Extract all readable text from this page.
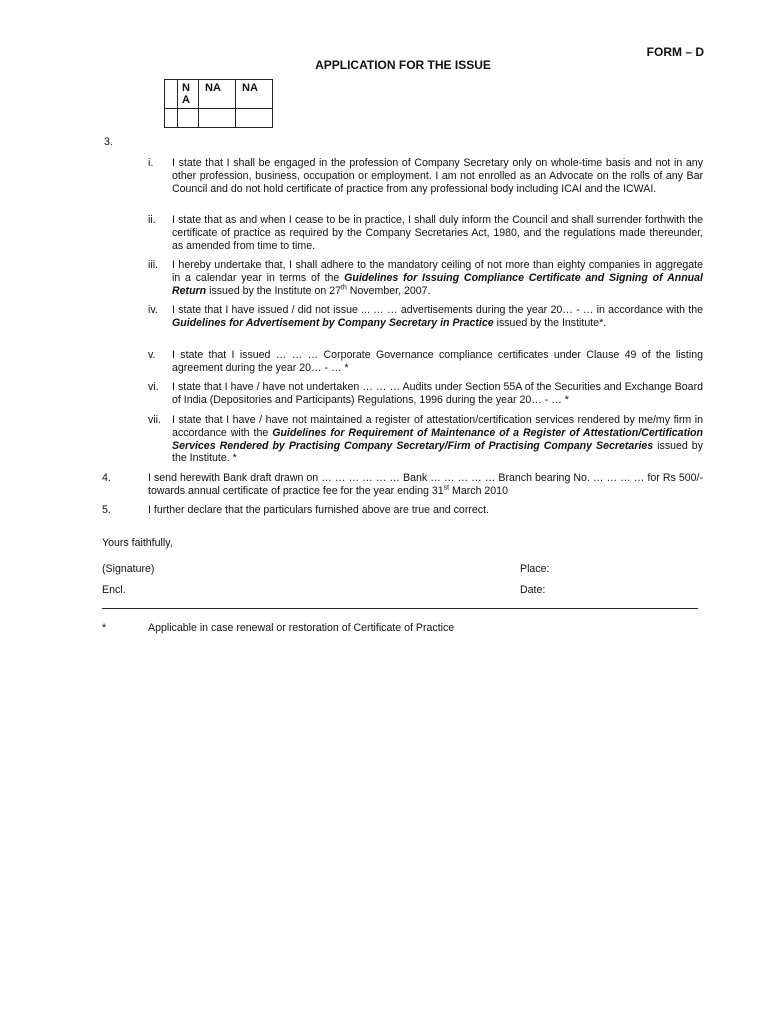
FORM – D
APPLICATION FOR THE ISSUE
	N A	NA	NA

3.
i. I state that I shall be engaged in the profession of Company Secretary only on whole-time basis and not in any other profession, business, occupation or employment. I am not enrolled as an Advocate on the rolls of any Bar Council and do not hold certificate of practice from any professional body including ICAI and the ICWAI.
ii. I state that as and when I cease to be in practice, I shall duly inform the Council and shall surrender forthwith the certificate of practice as required by the Company Secretaries Act, 1980, and the regulations made thereunder, as amended from time to time.
iii. I hereby undertake that, I shall adhere to the mandatory ceiling of not more than eighty companies in aggregate in a calendar year in terms of the Guidelines for Issuing Compliance Certificate and Signing of Annual Return issued by the Institute on 27th November, 2007.
iv. I state that I have issued / did not issue ... … … advertisements during the year 20… - … in accordance with the Guidelines for Advertisement by Company Secretary in Practice issued by the Institute*.
v. I state that I issued … … … Corporate Governance compliance certificates under Clause 49 of the listing agreement during the year 20… - … *
vi. I state that I have / have not undertaken … … … Audits under Section 55A of the Securities and Exchange Board of India (Depositories and Participants) Regulations, 1996 during the year 20… - … *
vii. I state that I have / have not maintained a register of attestation/certification services rendered by me/my firm in accordance with the Guidelines for Requirement of Maintenance of a Register of Attestation/Certification Services Rendered by Practising Company Secretary/Firm of Practising Company Secretaries issued by the Institute. *
4.	I send herewith Bank draft drawn on … … … … … … Bank … … … … … Branch bearing No. … … … … for Rs 500/- towards annual certificate of practice fee for the year ending 31st March 2010
5.	I further declare that the particulars furnished above are true and correct.
Yours faithfully,
(Signature)	Place:
Encl.	Date:
*	Applicable in case renewal or restoration of Certificate of Practice
